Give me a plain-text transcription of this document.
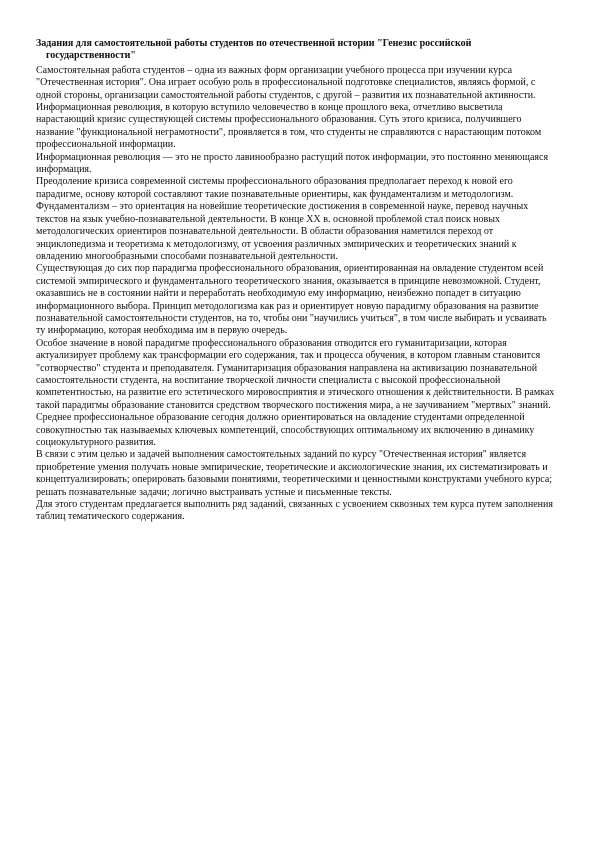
Задания для самостоятельной работы студентов по отечественной истории "Генезис российской государственности"

Самостоятельная работа студентов – одна из важных форм организации учебного процесса при изучении курса "Отечественная история". Она играет особую роль в профессиональной подготовке специалистов, являясь формой, с одной стороны, организации самостоятельной работы студентов, с другой – развития их познавательной активности.

Информационная революция, в которую вступило человечество в конце прошлого века, отчетливо высветила нарастающий кризис существующей системы профессионального образования. Суть этого кризиса, получившего название "функциональной неграмотности", проявляется в том, что студенты не справляются с нарастающим потоком профессиональной информации.

Информационная революция — это не просто лавинообразно растущий поток информации, это постоянно меняющаяся информация.

Преодоление кризиса современной системы профессионального образования предполагает переход к новой его парадигме, основу которой составляют такие познавательные ориентиры, как фундаментализм и методологизм.

Фундаментализм – это ориентация на новейшие теоретические достижения в современной науке, перевод научных текстов на язык учебно-познавательной деятельности. В конце XX в. основной проблемой стал поиск новых методологических ориентиров познавательной деятельности. В области образования наметился переход от энциклопедизма и теоретизма к методологизму, от усвоения различных эмпирических и теоретических знаний к овладению многообразными способами познавательной деятельности.

Существующая до сих пор парадигма профессионального образования, ориентированная на овладение студентом всей системой эмпирического и фундаментального теоретического знания, оказывается в принципе невозможной. Студент, оказавшись не в состоянии найти и переработать необходимую ему информацию, неизбежно попадет в ситуацию информационного выбора. Принцип методологизма как раз и ориентирует новую парадигму образования на развитие познавательной самостоятельности студентов, на то, чтобы они "научились учиться", в том числе выбирать и усваивать ту информацию, которая необходима им в первую очередь.

Особое значение в новой парадигме профессионального образования отводится его гуманитаризации, которая актуализирует проблему как трансформации его содержания, так и процесса обучения, в котором главным становится "сотворчество" студента и преподавателя. Гуманитаризация образования направлена на активизацию познавательной самостоятельности студента, на воспитание творческой личности специалиста с высокой профессиональной компетентностью, на развитие его эстетического мировосприятия и этического отношения к действительности. В рамках такой парадигмы образование становится средством творческого постижения мира, а не заучиванием "мертвых" знаний.

Среднее профессиональное образование сегодня должно ориентироваться на овладение студентами определенной совокупностью так называемых ключевых компетенций, способствующих оптимальному их включению в динамику социокультурного развития.

В связи с этим целью и задачей выполнения самостоятельных заданий по курсу "Отечественная история" является приобретение умения получать новые эмпирические, теоретические и аксиологические знания, их систематизировать и концептуализировать; оперировать базовыми понятиями, теоретическими и ценностными конструктами учебного курса; решать познавательные задачи; логично выстраивать устные и письменные тексты.

Для этого студентам предлагается выполнить ряд заданий, связанных с усвоением сквозных тем курса путем заполнения таблиц тематического содержания.
